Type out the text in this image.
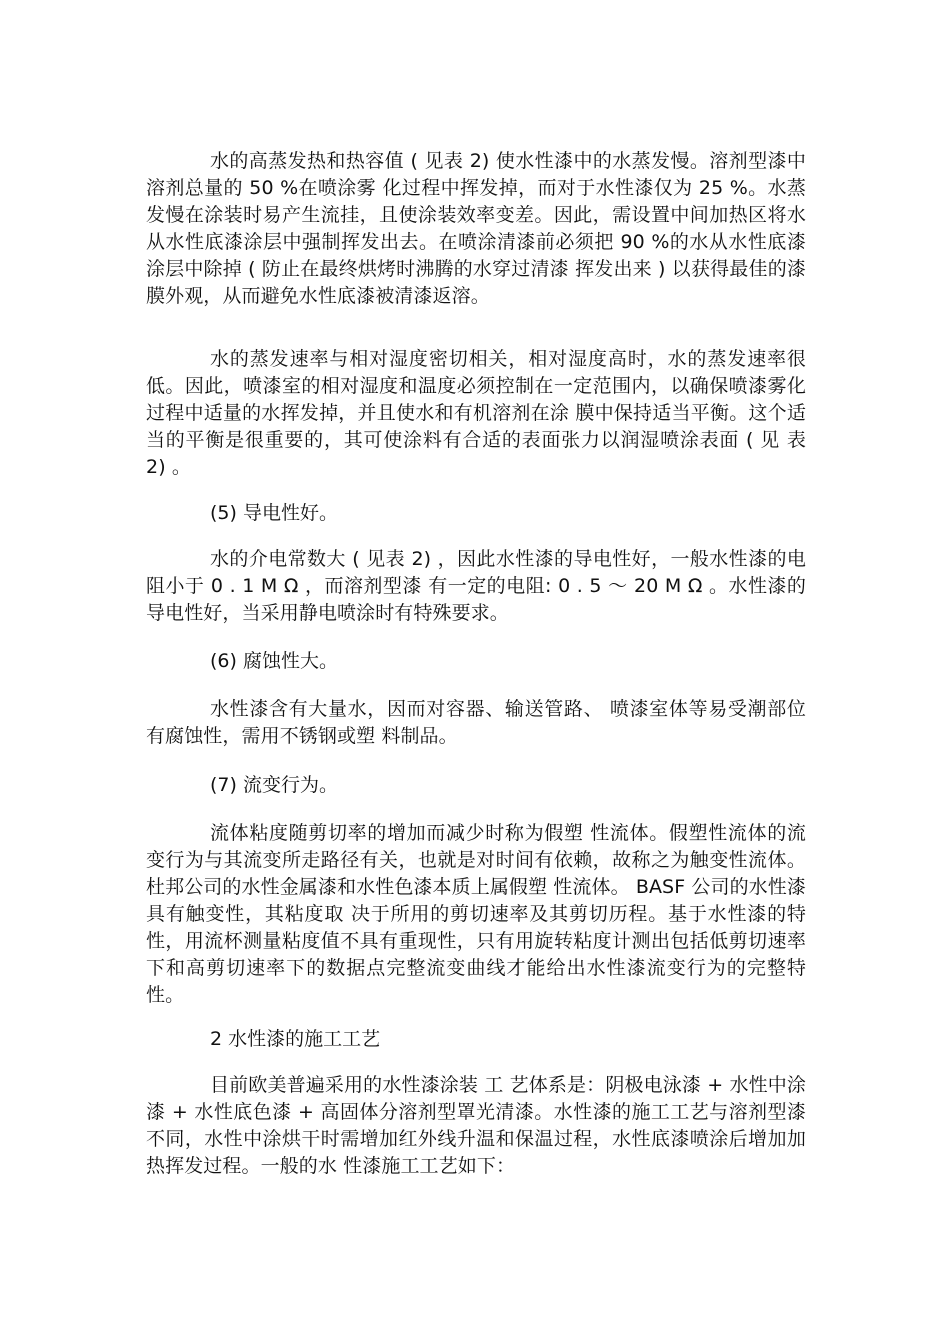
水的高蒸发热和热容值 ( 见表 2) 使水性漆中的水蒸发慢。溶剂型漆中溶剂总量的 50 %在喷涂雾 化过程中挥发掉，而对于水性漆仅为 25 %。水蒸发慢在涂装时易产生流挂，且使涂装效率变差。因此，需设置中间加热区将水从水性底漆涂层中强制挥发出去。在喷涂清漆前必须把 90 %的水从水性底漆 涂层中除掉 ( 防止在最终烘烤时沸腾的水穿过清漆 挥发出来 ) 以获得最佳的漆膜外观，从而避免水性底漆被清漆返溶。

水的蒸发速率与相对湿度密切相关，相对湿度高时，水的蒸发速率很低。因此，喷漆室的相对湿度和温度必须控制在一定范围内，以确保喷漆雾化过程中适量的水挥发掉，并且使水和有机溶剂在涂 膜中保持适当平衡。这个适当的平衡是很重要的，其可使涂料有合适的表面张力以润湿喷涂表面 ( 见 表 2) 。

(5) 导电性好。

水的介电常数大 ( 见表 2) ，因此水性漆的导电性好，一般水性漆的电阻小于 0 . 1 M Ω ，而溶剂型漆 有一定的电阻: 0 . 5 ～ 20 M Ω 。水性漆的导电性好，当采用静电喷涂时有特殊要求。

(6) 腐蚀性大。

水性漆含有大量水，因而对容器、输送管路、 喷漆室体等易受潮部位有腐蚀性，需用不锈钢或塑 料制品。

(7) 流变行为。

流体粘度随剪切率的增加而减少时称为假塑 性流体。假塑性流体的流变行为与其流变所走路径有关，也就是对时间有依赖，故称之为触变性流体。 杜邦公司的水性金属漆和水性色漆本质上属假塑 性流体。 BASF 公司的水性漆具有触变性，其粘度取 决于所用的剪切速率及其剪切历程。基于水性漆的特性，用流杯测量粘度值不具有重现性，只有用旋转粘度计测出包括低剪切速率下和高剪切速率下的数据点完整流变曲线才能给出水性漆流变行为的完整特性。

2 水性漆的施工工艺

目前欧美普遍采用的水性漆涂装 工 艺体系是：阴极电泳漆 + 水性中涂漆 + 水性底色漆 + 高固体分溶剂型罩光清漆。水性漆的施工工艺与溶剂型漆不同，水性中涂烘干时需增加红外线升温和保温过程，水性底漆喷涂后增加加热挥发过程。一般的水 性漆施工工艺如下：
